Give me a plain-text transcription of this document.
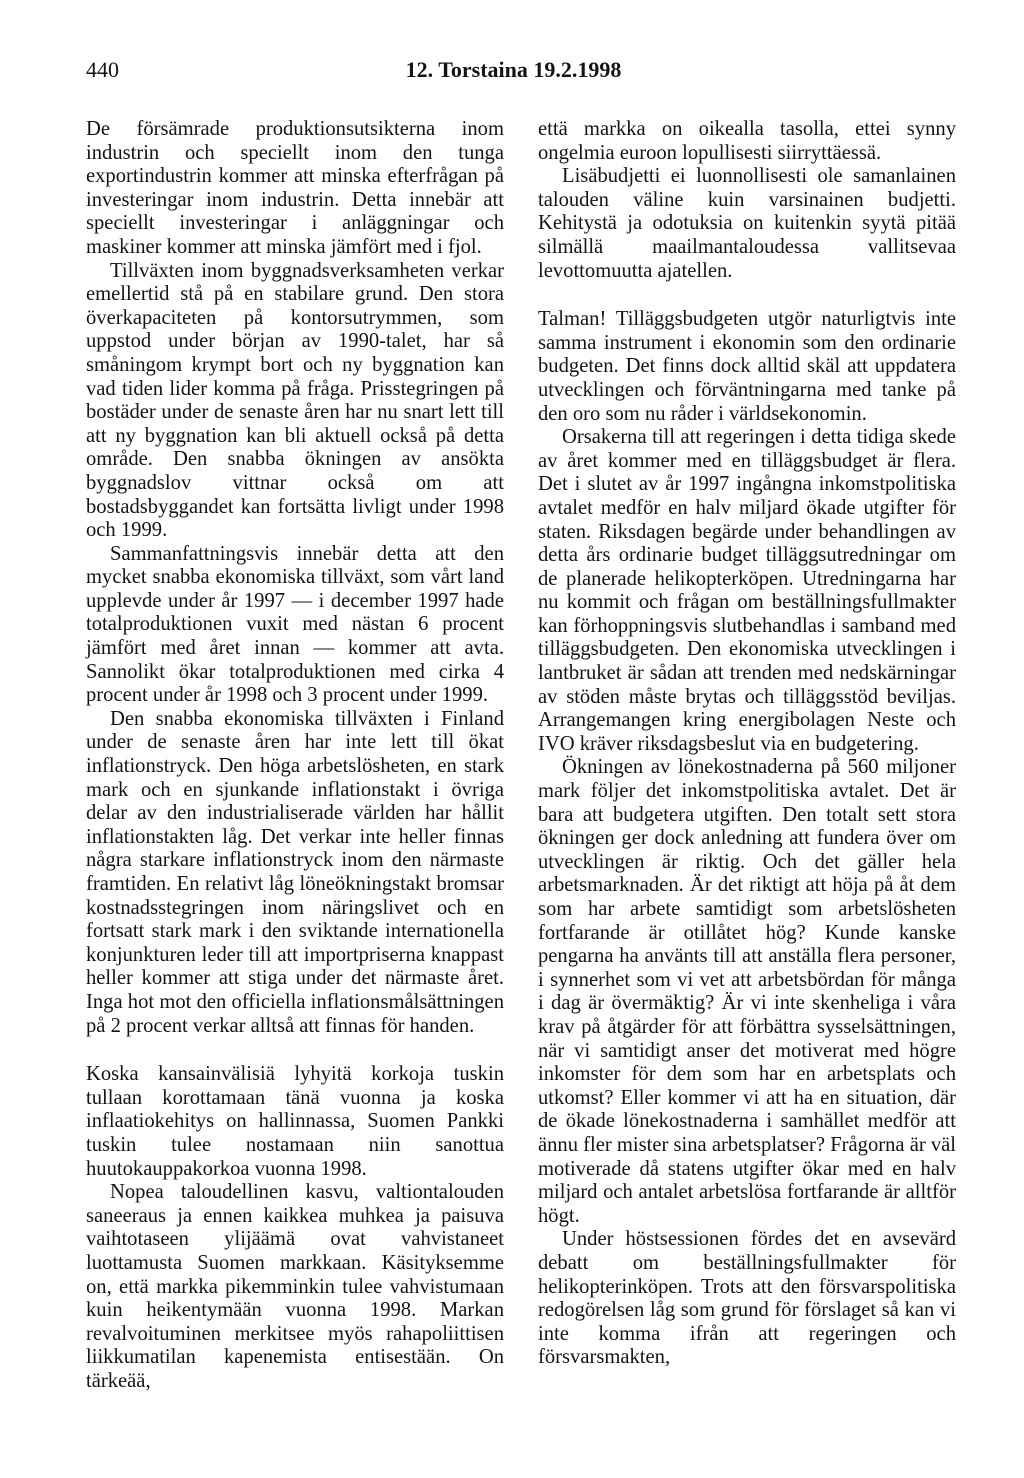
440	12. Torstaina 19.2.1998

De försämrade produktionsutsikterna inom industrin och speciellt inom den tunga exportindustrin kommer att minska efterfrågan på investeringar inom industrin. Detta innebär att speciellt investeringar i anläggningar och maskiner kommer att minska jämfört med i fjol.

Tillväxten inom byggnadsverksamheten verkar emellertid stå på en stabilare grund. Den stora överkapaciteten på kontorsutrymmen, som uppstod under början av 1990-talet, har så småningom krympt bort och ny byggnation kan vad tiden lider komma på fråga. Prisstegringen på bostäder under de senaste åren har nu snart lett till att ny byggnation kan bli aktuell också på detta område. Den snabba ökningen av ansökta byggnadslov vittnar också om att bostadsbyggandet kan fortsätta livligt under 1998 och 1999.

Sammanfattningsvis innebär detta att den mycket snabba ekonomiska tillväxt, som vårt land upplevde under år 1997 — i december 1997 hade totalproduktionen vuxit med nästan 6 procent jämfört med året innan — kommer att avta. Sannolikt ökar totalproduktionen med cirka 4 procent under år 1998 och 3 procent under 1999.

Den snabba ekonomiska tillväxten i Finland under de senaste åren har inte lett till ökat inflationstryck. Den höga arbetslösheten, en stark mark och en sjunkande inflationstakt i övriga delar av den industrialiserade världen har hållit inflationstakten låg. Det verkar inte heller finnas några starkare inflationstryck inom den närmaste framtiden. En relativt låg löneökningstakt bromsar kostnadsstegringen inom näringslivet och en fortsatt stark mark i den sviktande internationella konjunkturen leder till att importpriserna knappast heller kommer att stiga under det närmaste året. Inga hot mot den officiella inflationsmålsättningen på 2 procent verkar alltså att finnas för handen.

Koska kansainvälisiä lyhyitä korkoja tuskin tullaan korottamaan tänä vuonna ja koska inflaatiokehitys on hallinnassa, Suomen Pankki tuskin tulee nostamaan niin sanottua huutokauppakorkoa vuonna 1998.

Nopea taloudellinen kasvu, valtiontalouden saneeraus ja ennen kaikkea muhkea ja paisuva vaihtotaseen ylijäämä ovat vahvistaneet luottamusta Suomen markkaan. Käsityksemme on, että markka pikemminkin tulee vahvistumaan kuin heikentymään vuonna 1998. Markan revalvoituminen merkitsee myös rahapoliittisen liikkumatilan kapenemista entisestään. On tärkeää,

että markka on oikealla tasolla, ettei synny ongelmia euroon lopullisesti siirryttäessä.

Lisäbudjetti ei luonnollisesti ole samanlainen talouden väline kuin varsinainen budjetti. Kehitystä ja odotuksia on kuitenkin syytä pitää silmällä maailmantaloudessa vallitsevaa levottomuutta ajatellen.

Talman! Tilläggsbudgeten utgör naturligtvis inte samma instrument i ekonomin som den ordinarie budgeten. Det finns dock alltid skäl att uppdatera utvecklingen och förväntningarna med tanke på den oro som nu råder i världsekonomin.

Orsakerna till att regeringen i detta tidiga skede av året kommer med en tilläggsbudget är flera. Det i slutet av år 1997 ingångna inkomstpolitiska avtalet medför en halv miljard ökade utgifter för staten. Riksdagen begärde under behandlingen av detta års ordinarie budget tilläggsutredningar om de planerade helikopterköpen. Utredningarna har nu kommit och frågan om beställningsfullmakter kan förhoppningsvis slutbehandlas i samband med tilläggsbudgeten. Den ekonomiska utvecklingen i lantbruket är sådan att trenden med nedskärningar av stöden måste brytas och tilläggsstöd beviljas. Arrangemangen kring energibolagen Neste och IVO kräver riksdagsbeslut via en budgetering.

Ökningen av lönekostnaderna på 560 miljoner mark följer det inkomstpolitiska avtalet. Det är bara att budgetera utgiften. Den totalt sett stora ökningen ger dock anledning att fundera över om utvecklingen är riktig. Och det gäller hela arbetsmarknaden. Är det riktigt att höja på åt dem som har arbete samtidigt som arbetslösheten fortfarande är otillåtet hög? Kunde kanske pengarna ha använts till att anställa flera personer, i synnerhet som vi vet att arbetsbördan för många i dag är övermäktig? Är vi inte skenheliga i våra krav på åtgärder för att förbättra sysselsättningen, när vi samtidigt anser det motiverat med högre inkomster för dem som har en arbetsplats och utkomst? Eller kommer vi att ha en situation, där de ökade lönekostnaderna i samhället medför att ännu fler mister sina arbetsplatser? Frågorna är väl motiverade då statens utgifter ökar med en halv miljard och antalet arbetslösa fortfarande är alltför högt.

Under höstsessionen fördes det en avsevärd debatt om beställningsfullmakter för helikopterinköpen. Trots att den försvarspolitiska redogörelsen låg som grund för förslaget så kan vi inte komma ifrån att regeringen och försvarsmakten,
